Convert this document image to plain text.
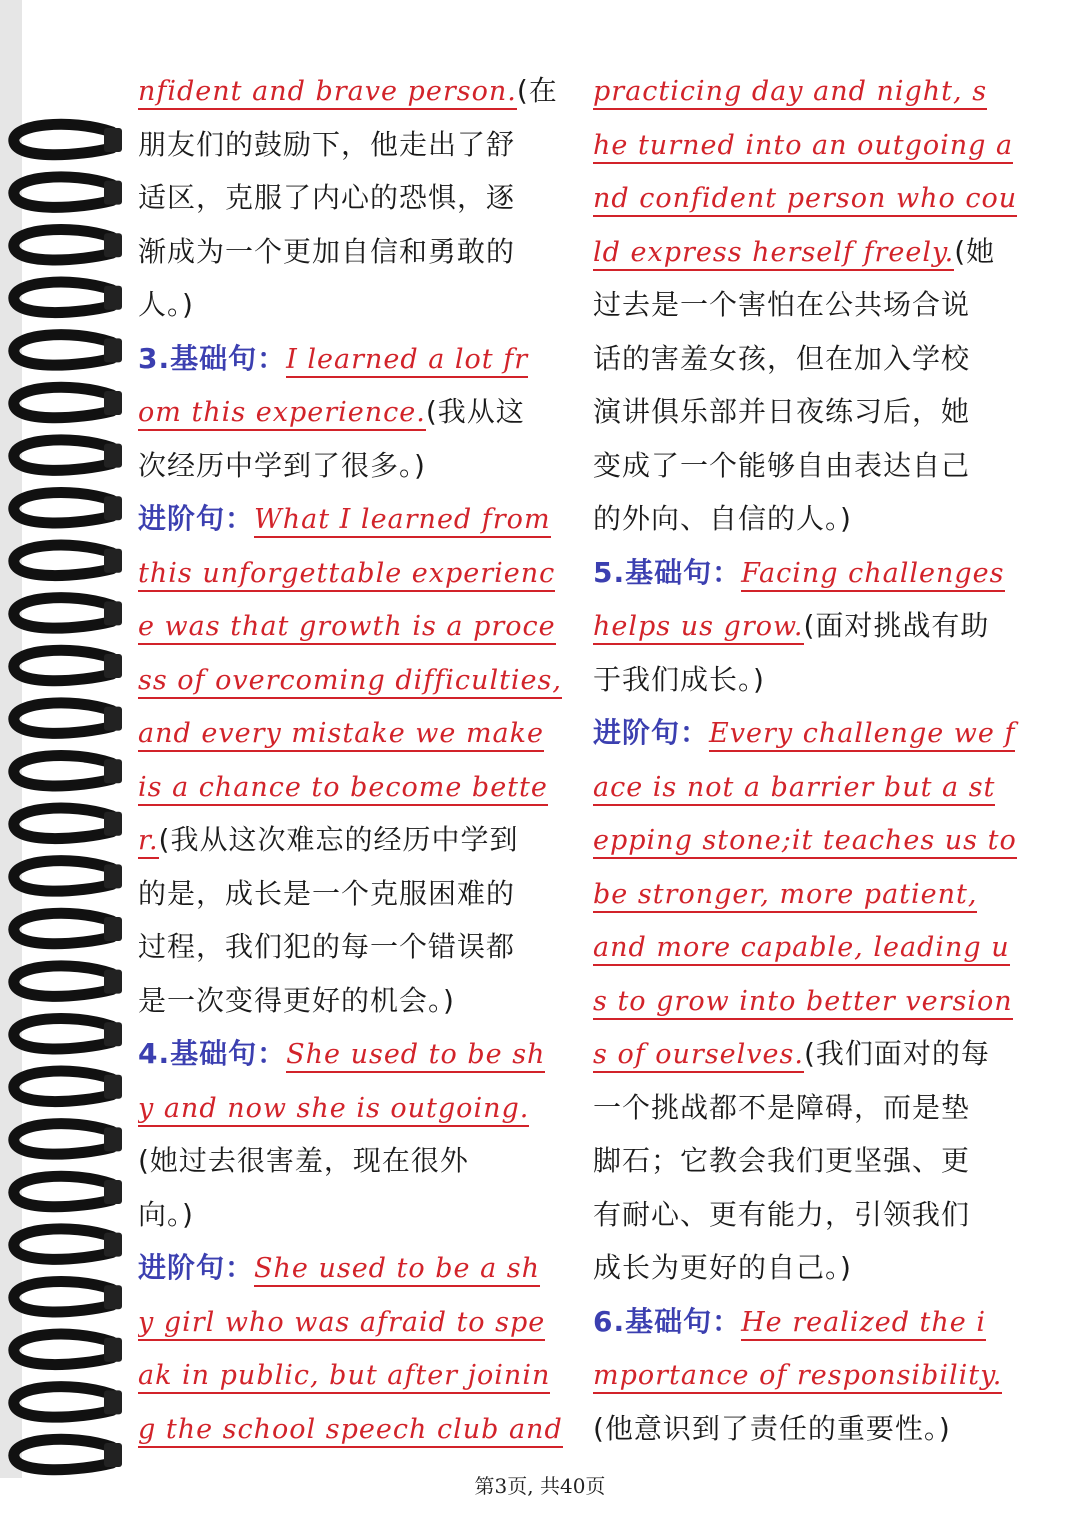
nfident and brave person.(在
朋友们的鼓励下，他走出了舒
适区，克服了内心的恐惧，逐
渐成为一个更加自信和勇敢的
人。)
3.基础句：I learned a lot fr
om this experience.(我从这
次经历中学到了很多。)
进阶句：What I learned from
this unforgettable experienc
e was that growth is a proce
ss of overcoming difficulties,
and every mistake we make
is a chance to become bette
r.(我从这次难忘的经历中学到
的是，成长是一个克服困难的
过程，我们犯的每一个错误都
是一次变得更好的机会。)
4.基础句：She used to be sh
y and now she is outgoing.
(她过去很害羞，现在很外
向。)
进阶句：She used to be a sh
y girl who was afraid to spe
ak in public, but after joinin
g the school speech club and
practicing day and night, s
he turned into an outgoing a
nd confident person who cou
ld express herself freely.(她
过去是一个害怕在公共场合说
话的害羞女孩，但在加入学校
演讲俱乐部并日夜练习后，她
变成了一个能够自由表达自己
的外向、自信的人。)
5.基础句：Facing challenges
helps us grow.(面对挑战有助
于我们成长。)
进阶句：Every challenge we f
ace is not a barrier but a st
epping stone;it teaches us to
be stronger, more patient,
and more capable, leading u
s to grow into better version
s of ourselves.(我们面对的每
一个挑战都不是障碍，而是垫
脚石；它教会我们更坚强、更
有耐心、更有能力，引领我们
成长为更好的自己。)
6.基础句：He realized the i
mportance of responsibility.
(他意识到了责任的重要性。)
第3页, 共40页
